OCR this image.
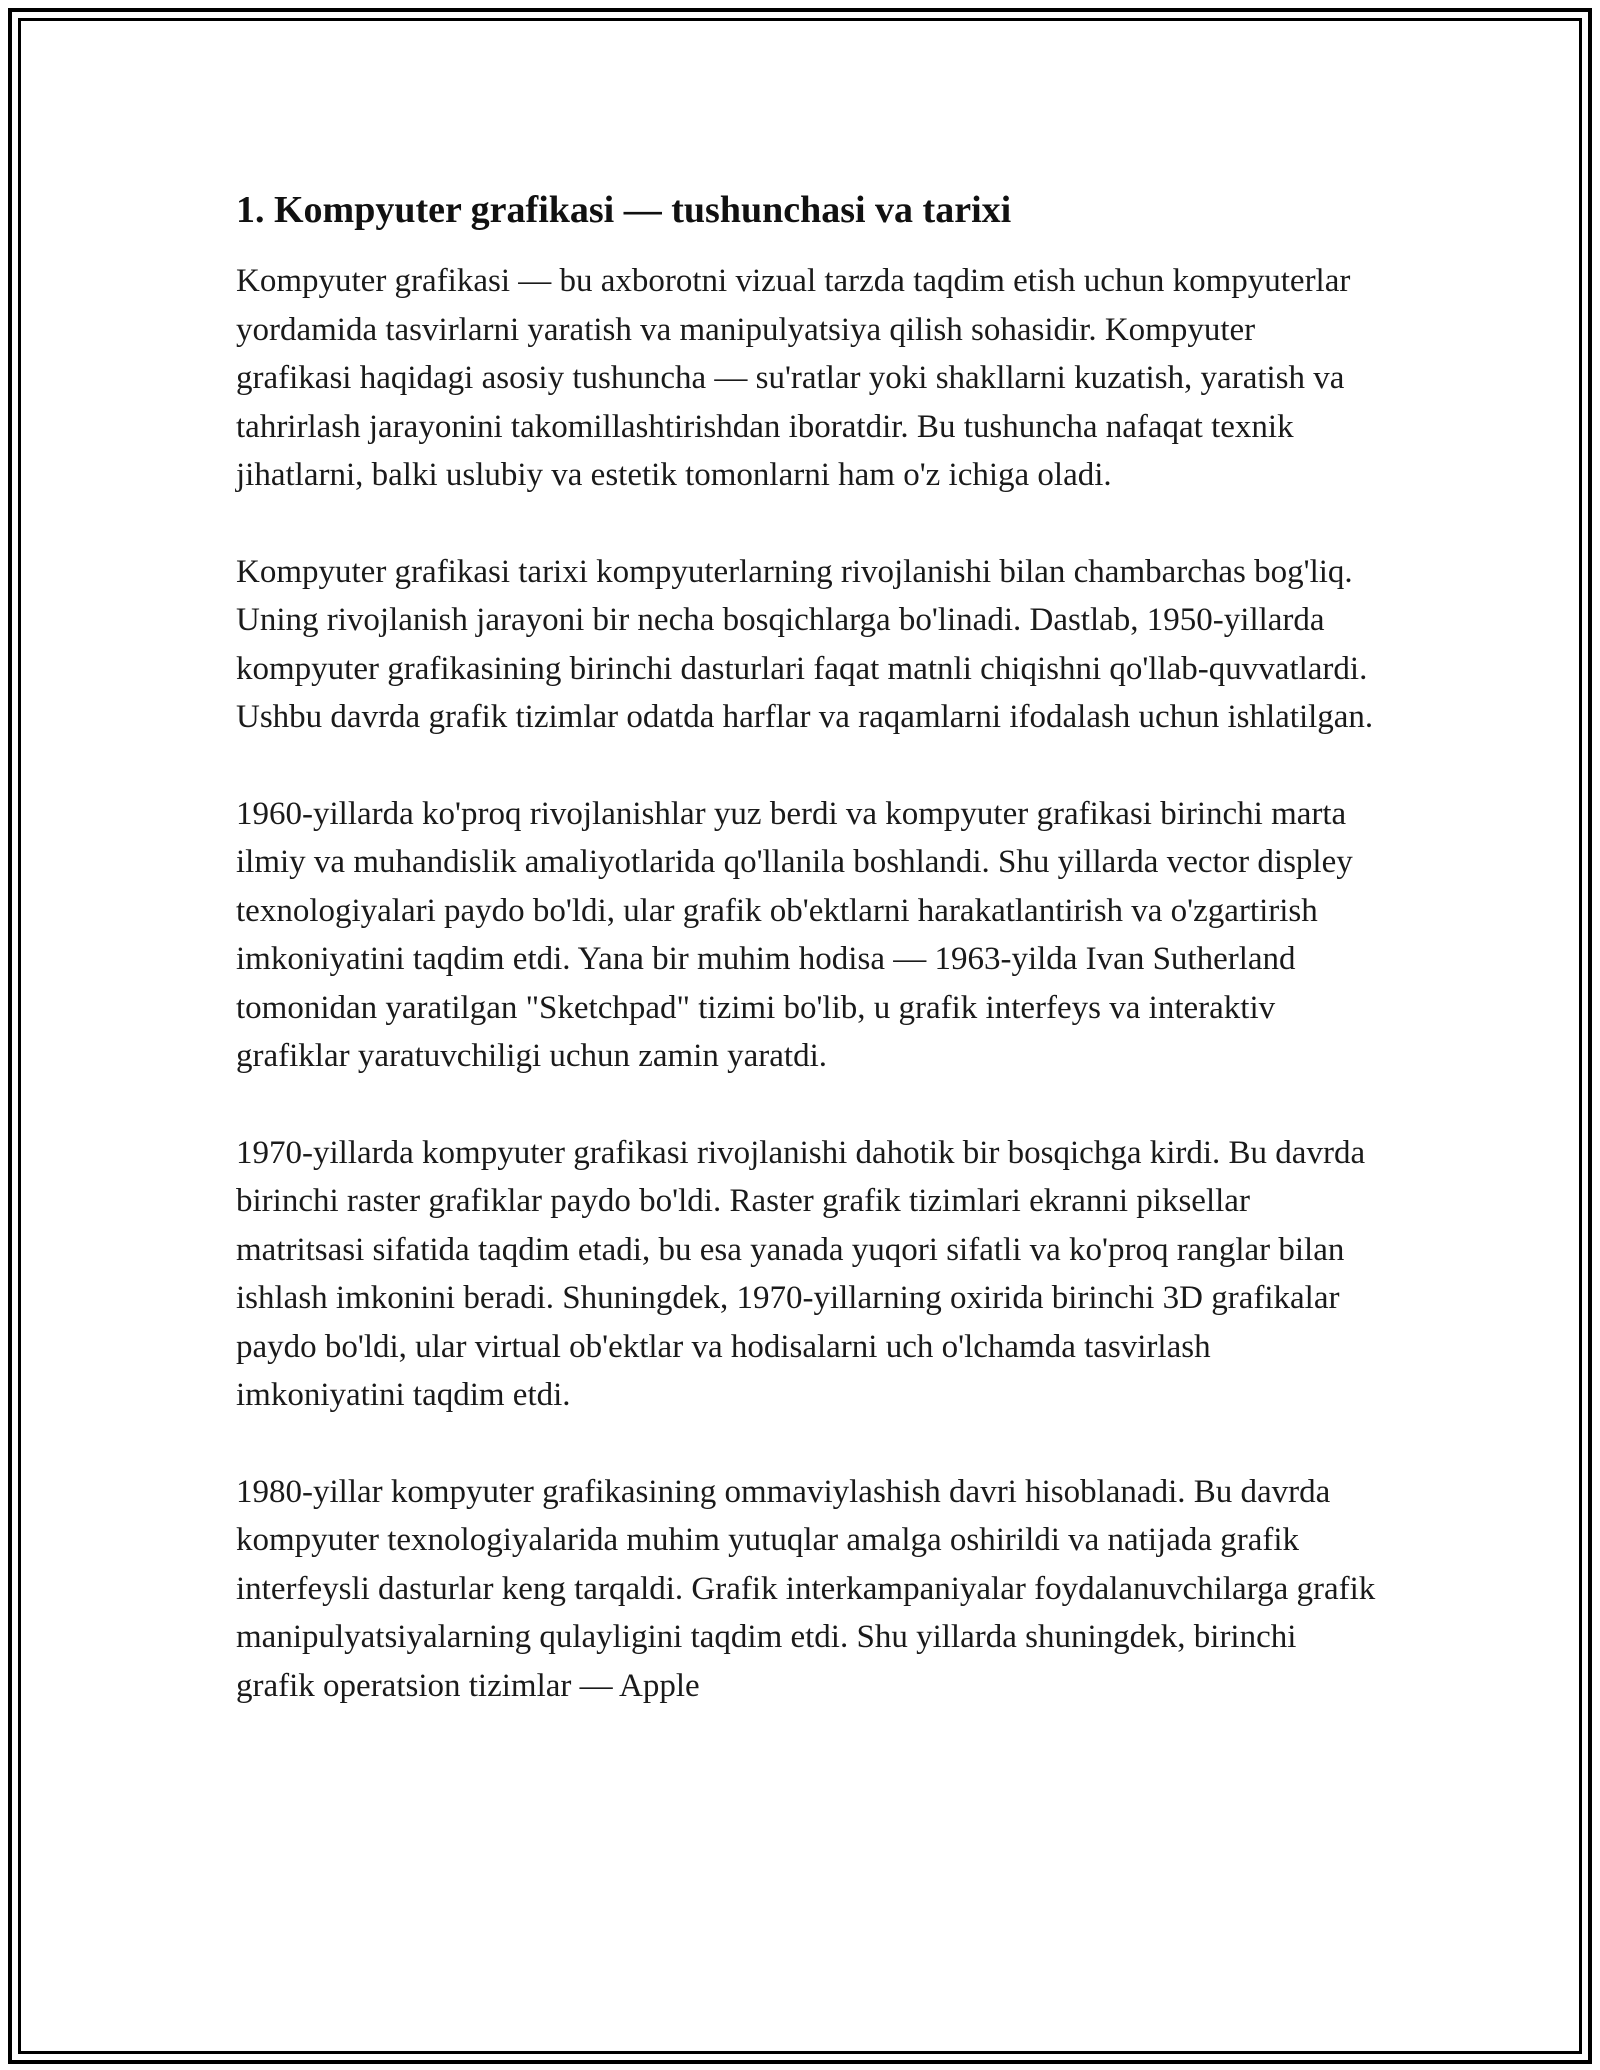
1. Kompyuter grafikasi — tushunchasi va tarixi

Kompyuter grafikasi — bu axborotni vizual tarzda taqdim etish uchun kompyuterlar yordamida tasvirlarni yaratish va manipulyatsiya qilish sohasidir. Kompyuter grafikasi haqidagi asosiy tushuncha — su'ratlar yoki shakllarni kuzatish, yaratish va tahrirlash jarayonini takomillashtirishdan iboratdir. Bu tushuncha nafaqat texnik jihatlarni, balki uslubiy va estetik tomonlarni ham o'z ichiga oladi.

Kompyuter grafikasi tarixi kompyuterlarning rivojlanishi bilan chambarchas bog'liq. Uning rivojlanish jarayoni bir necha bosqichlarga bo'linadi. Dastlab, 1950-yillarda kompyuter grafikasining birinchi dasturlari faqat matnli chiqishni qo'llab-quvvatlardi. Ushbu davrda grafik tizimlar odatda harflar va raqamlarni ifodalash uchun ishlatilgan.

1960-yillarda ko'proq rivojlanishlar yuz berdi va kompyuter grafikasi birinchi marta ilmiy va muhandislik amaliyotlarida qo'llanila boshlandi. Shu yillarda vector displey texnologiyalari paydo bo'ldi, ular grafik ob'ektlarni harakatlantirish va o'zgartirish imkoniyatini taqdim etdi. Yana bir muhim hodisa — 1963-yilda Ivan Sutherland tomonidan yaratilgan "Sketchpad" tizimi bo'lib, u grafik interfeys va interaktiv grafiklar yaratuvchiligi uchun zamin yaratdi.

1970-yillarda kompyuter grafikasi rivojlanishi dahotik bir bosqichga kirdi. Bu davrda birinchi raster grafiklar paydo bo'ldi. Raster grafik tizimlari ekranni piksellar matritsasi sifatida taqdim etadi, bu esa yanada yuqori sifatli va ko'proq ranglar bilan ishlash imkonini beradi. Shuningdek, 1970-yillarning oxirida birinchi 3D grafikalar paydo bo'ldi, ular virtual ob'ektlar va hodisalarni uch o'lchamda tasvirlash imkoniyatini taqdim etdi.

1980-yillar kompyuter grafikasining ommaviylashish davri hisoblanadi. Bu davrda kompyuter texnologiyalarida muhim yutuqlar amalga oshirildi va natijada grafik interfeysli dasturlar keng tarqaldi. Grafik interkampaniyalar foydalanuvchilarga grafik manipulyatsiyalarning qulayligini taqdim etdi. Shu yillarda shuningdek, birinchi grafik operatsion tizimlar — Apple
